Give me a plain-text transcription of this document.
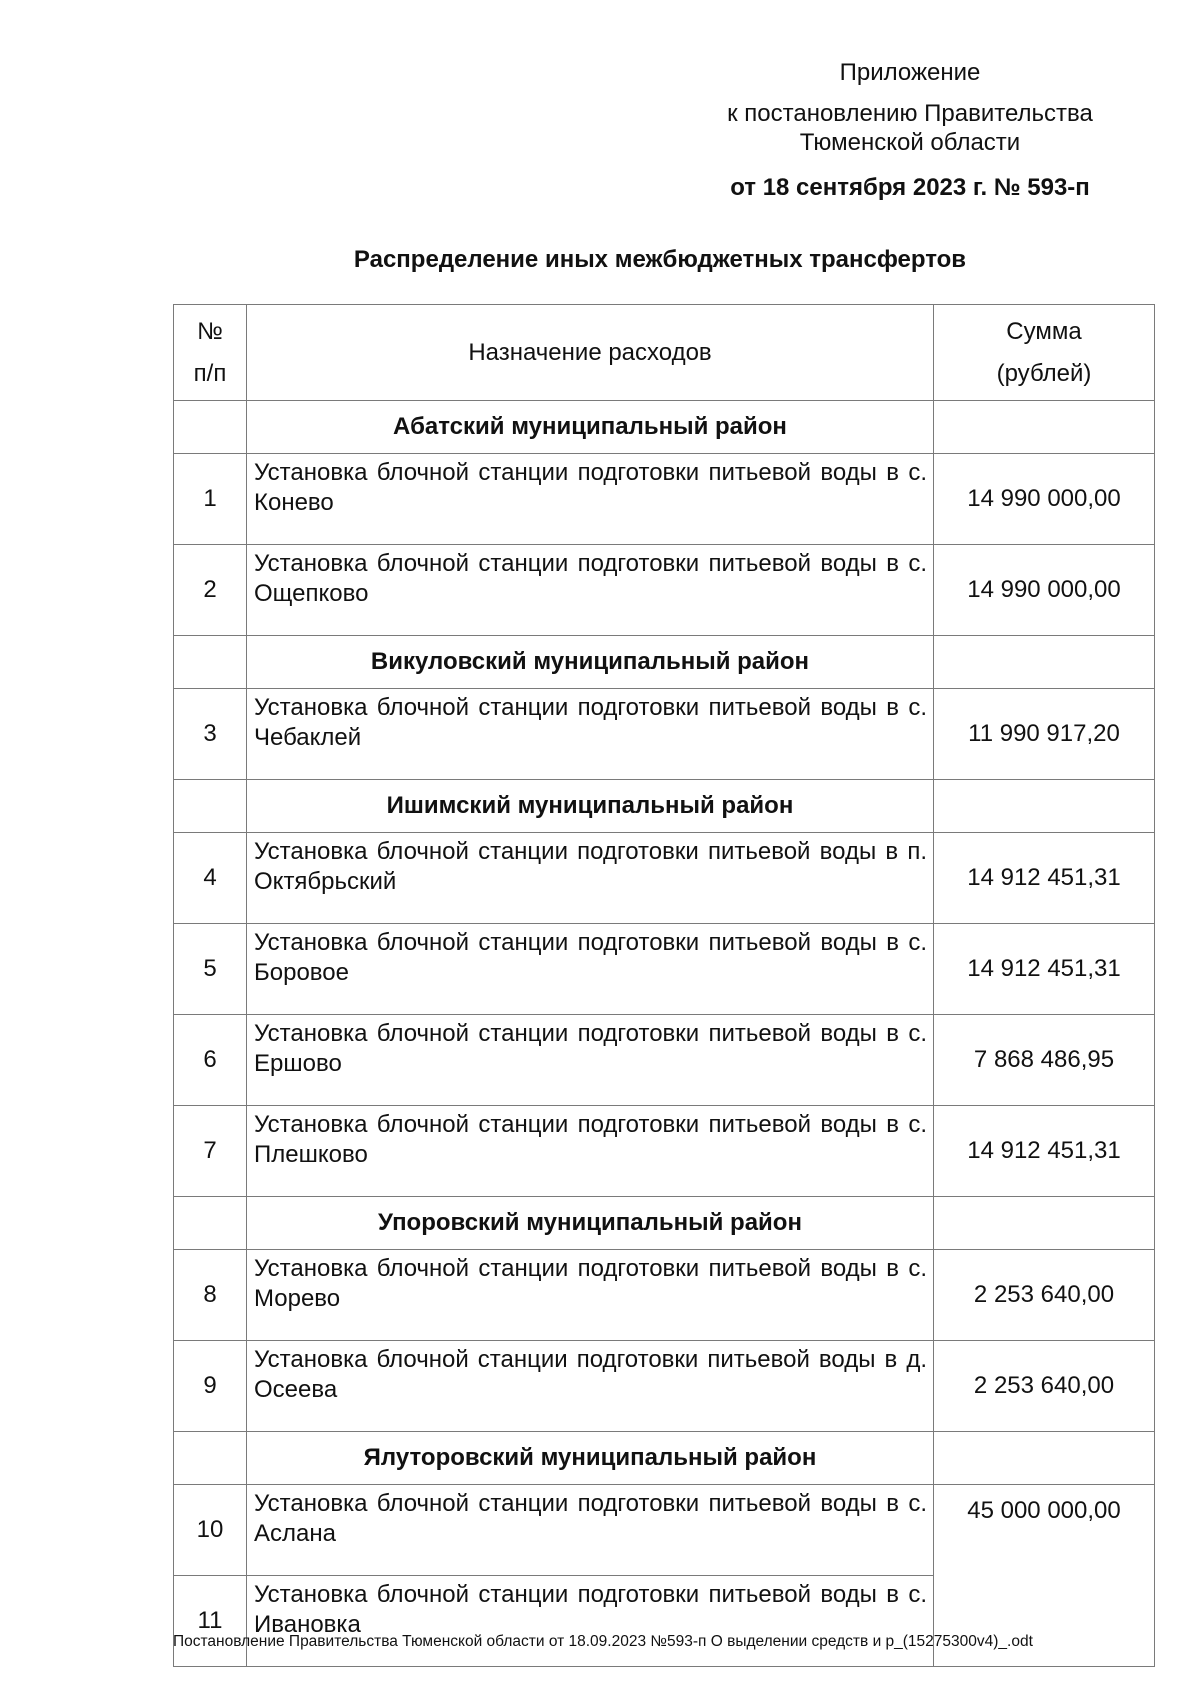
Приложение
к постановлению Правительства
Тюменской области
от 18 сентября 2023 г. № 593-п
Распределение иных межбюджетных трансфертов
№
п/п	Назначение расходов	Сумма
(рублей)
	Абатский муниципальный район	
1	Установка блочной станции подготовки питьевой воды в с. Конево	14 990 000,00
2	Установка блочной станции подготовки питьевой воды в с. Ощепково	14 990 000,00
	Викуловский муниципальный район	
3	Установка блочной станции подготовки питьевой воды в с. Чебаклей	11 990 917,20
	Ишимский муниципальный район	
4	Установка блочной станции подготовки питьевой воды в п. Октябрьский	14 912 451,31
5	Установка блочной станции подготовки питьевой воды в с. Боровое	14 912 451,31
6	Установка блочной станции подготовки питьевой воды в с. Ершово	7 868 486,95
7	Установка блочной станции подготовки питьевой воды в с. Плешково	14 912 451,31
	Упоровский муниципальный район	
8	Установка блочной станции подготовки питьевой воды в с. Морево	2 253 640,00
9	Установка блочной станции подготовки питьевой воды в д. Осеева	2 253 640,00
	Ялуторовский муниципальный район	
10	Установка блочной станции подготовки питьевой воды в с. Аслана	45 000 000,00
11	Установка блочной станции подготовки питьевой воды в с. Ивановка	
Постановление Правительства Тюменской области от 18.09.2023 №593-п О выделении средств и р_(15275300v4)_.odt
